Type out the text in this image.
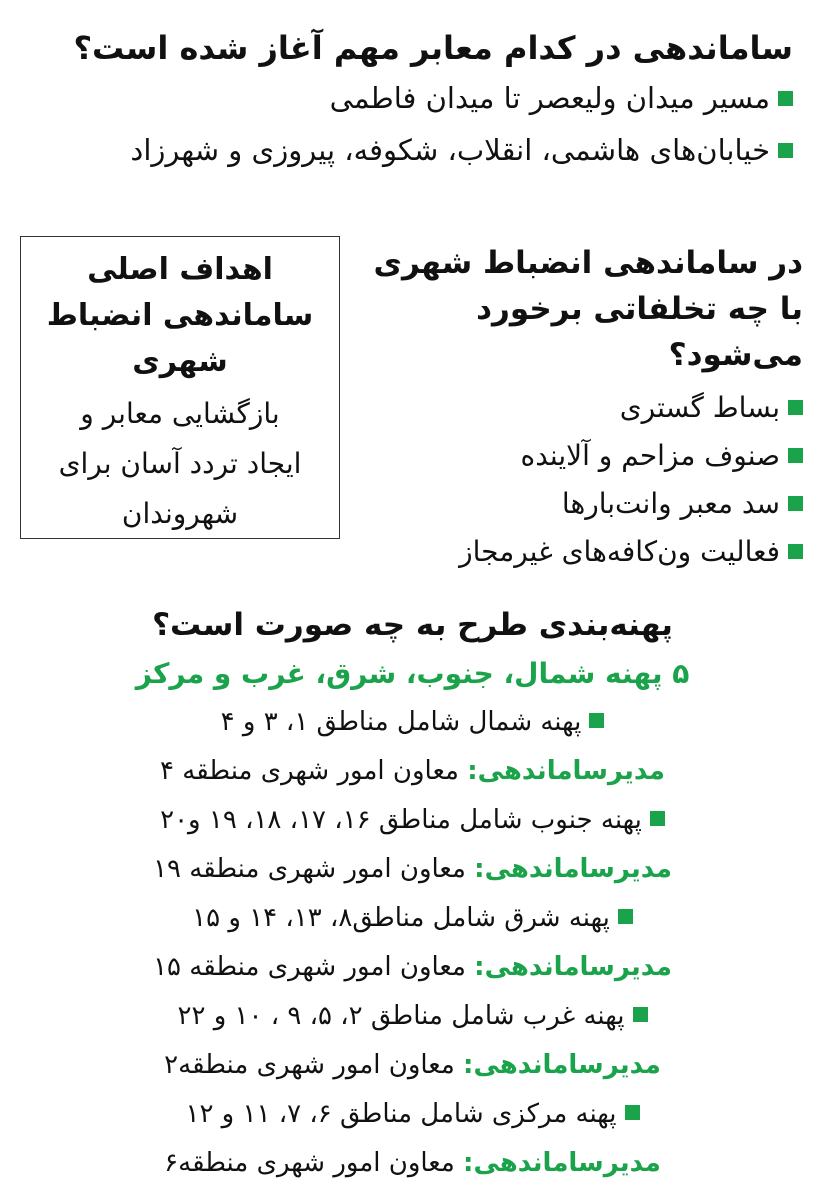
ساماندهی در کدام معابر مهم آغاز شده است؟
مسیر میدان ولیعصر تا میدان فاطمی
خیابان‌های هاشمی، انقلاب، شکوفه، پیروزی و شهرزاد
در ساماندهی انضباط شهری
با چه تخلفاتی برخورد می‌شود؟
بساط گستری
صنوف مزاحم و آلاینده
سد معبر وانت‌بارها
فعالیت ون‌کافه‌های غیرمجاز
اهداف اصلی
ساماندهی انضباط
شهری
بازگشایی معابر و
ایجاد تردد آسان برای
شهروندان
پهنه‌بندی طرح به چه صورت است؟
۵ پهنه شمال، جنوب، شرق، غرب و مرکز
پهنه شمال شامل مناطق ۱، ۳ و ۴
مدیرساماندهی: معاون امور شهری منطقه ۴
پهنه جنوب شامل مناطق ۱۶، ۱۷، ۱۸، ۱۹ و۲۰
مدیرساماندهی: معاون امور شهری منطقه ۱۹
پهنه شرق شامل مناطق۸، ۱۳، ۱۴ و ۱۵
مدیرساماندهی: معاون امور شهری منطقه ۱۵
پهنه غرب شامل مناطق ۲، ۵، ۹ ، ۱۰ و ۲۲
مدیرساماندهی: معاون امور شهری منطقه۲
پهنه مرکزی شامل مناطق ۶، ۷، ۱۱ و ۱۲
مدیرساماندهی: معاون امور شهری منطقه۶
